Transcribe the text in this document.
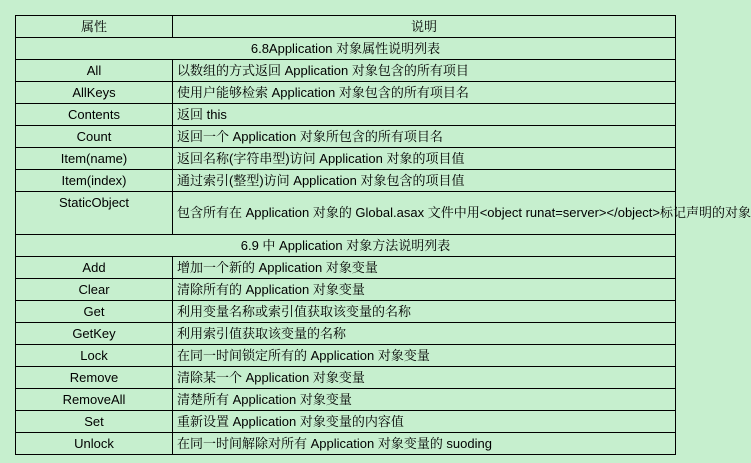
属性	说明
6.8Application 对象属性说明列表	
All	以数组的方式返回 Application 对象包含的所有项目
AllKeys	使用户能够检索 Application 对象包含的所有项目名
Contents	返回 this
Count	返回一个 Application 对象所包含的所有项目名
Item(name)	返回名称(字符串型)访问 Application 对象的项目值
Item(index)	通过索引(整型)访问 Application 对象包含的项目值
StaticObject	包含所有在 Application 对象的 Global.asax 文件中用<object runat=server></object>标记声明的对象
6.9 中 Application 对象方法说明列表	
Add	增加一个新的 Application 对象变量
Clear	清除所有的 Application 对象变量
Get	利用变量名称或索引值获取该变量的名称
GetKey	利用索引值获取该变量的名称
Lock	在同一时间锁定所有的 Application 对象变量
Remove	清除某一个 Application 对象变量
RemoveAll	清楚所有 Application 对象变量
Set	重新设置 Application 对象变量的内容值
Unlock	在同一时间解除对所有 Application 对象变量的 suoding
